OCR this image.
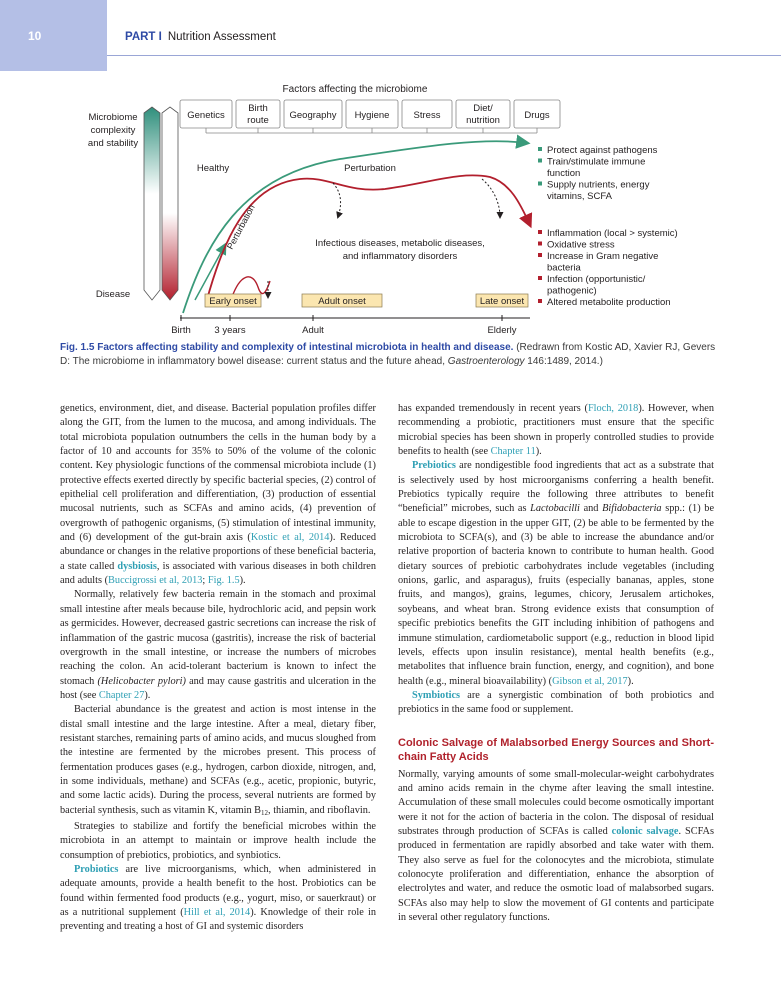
10	PART I Nutrition Assessment
Factors affecting the microbiome
Genetics
Birth
route Geography Hygiene	Stress
Diet/
nutrition	Drugs
Microbiome
complexity
and stability
Disease
Healthy	Perturbation
Perturbation	Infectious diseases, metabolic diseases,
and inflammatory disorders
Early onset	Adult onset	Late onset
Birth 3 years	Adult	Elderly
Protect against pathogens
Train/stimulate immune
function
Supply nutrients, energy
vitamins, SCFA
Inflammation (local > systemic)
Oxidative stress
Increase in Gram negative
bacteria
Infection (opportunistic/
pathogenic)
Altered metabolite production
Fig. 1.5 Factors affecting stability and complexity of intestinal microbiota in health and disease. (Redrawn from Kostic AD, Xavier RJ, Gevers D: The microbiome in inflammatory bowel disease: current status and the future ahead, Gastroenterology 146:1489, 2014.)

genetics, environment, diet, and disease. Bacterial population profiles differ along the GIT, from the lumen to the mucosa, and among individuals. The total microbiota population outnumbers the cells in the human body by a factor of 10 and accounts for 35% to 50% of the volume of the colonic content. Key physiologic functions of the commensal microbiota include (1) protective effects exerted directly by specific bacterial species, (2) control of epithelial cell proliferation and differentiation, (3) production of essential mucosal nutrients, such as SCFAs and amino acids, (4) prevention of overgrowth of pathogenic organisms, (5) stimulation of intestinal immunity, and (6) development of the gut-brain axis (Kostic et al, 2014). Reduced abundance or changes in the relative proportions of these beneficial bacteria, a state called dysbiosis, is associated with various diseases in both children and adults (Buccigrossi et al, 2013; Fig. 1.5).

Normally, relatively few bacteria remain in the stomach and proximal small intestine after meals because bile, hydrochloric acid, and pepsin work as germicides. However, decreased gastric secretions can increase the risk of inflammation of the gastric mucosa (gastritis), increase the risk of bacterial overgrowth in the small intestine, or increase the numbers of microbes reaching the colon. An acid-tolerant bacterium is known to infect the stomach (Helicobacter pylori) and may cause gastritis and ulceration in the host (see Chapter 27).

Bacterial abundance is the greatest and action is most intense in the distal small intestine and the large intestine. After a meal, dietary fiber, resistant starches, remaining parts of amino acids, and mucus sloughed from the intestine are fermented by the microbes present. This process of fermentation produces gases (e.g., hydrogen, carbon dioxide, nitrogen, and, in some individuals, methane) and SCFAs (e.g., acetic, propionic, butyric, and some lactic acids). During the process, several nutrients are formed by bacterial synthesis, such as vitamin K, vitamin $B_{12}$, thiamin, and riboflavin.

Strategies to stabilize and fortify the beneficial microbes within the microbiota in an attempt to maintain or improve health include the consumption of prebiotics, probiotics, and synbiotics.

Probiotics are live microorganisms, which, when administered in adequate amounts, provide a health benefit to the host. Probiotics can be found within fermented food products (e.g., yogurt, miso, or sauerkraut) or as a nutritional supplement (Hill et al, 2014). Knowledge of their role in preventing and treating a host of GI and systemic disorders

has expanded tremendously in recent years (Floch, 2018). However, when recommending a probiotic, practitioners must ensure that the specific microbial species has been shown in properly controlled studies to provide benefits to health (see Chapter 11).

Prebiotics are nondigestible food ingredients that act as a substrate that is selectively used by host microorganisms conferring a health benefit. Prebiotics typically require the following three attributes to benefit “beneficial” microbes, such as Lactobacilli and Bifidobacteria spp.: (1) be able to escape digestion in the upper GIT, (2) be able to be fermented by the microbiota to SCFA(s), and (3) be able to increase the abundance and/or relative proportion of bacteria known to contribute to human health. Good dietary sources of prebiotic carbohydrates include vegetables (including onions, garlic, and asparagus), fruits (especially bananas, apples, stone fruits, and mangos), grains, legumes, chicory, Jerusalem artichokes, soybeans, and wheat bran. Strong evidence exists that consumption of specific prebiotics benefits the GIT including inhibition of pathogens and immune stimulation, cardiometabolic support (e.g., reduction in blood lipid levels, effects upon insulin resistance), mental health benefits (e.g., metabolites that influence brain function, energy, and cognition), and bone health (e.g., mineral bioavailability) (Gibson et al, 2017).

Symbiotics are a synergistic combination of both probiotics and prebiotics in the same food or supplement.

Colonic Salvage of Malabsorbed Energy Sources and Short-chain Fatty Acids

Normally, varying amounts of some small-molecular-weight carbohydrates and amino acids remain in the chyme after leaving the small intestine. Accumulation of these small molecules could become osmotically important were it not for the action of bacteria in the colon. The disposal of residual substrates through production of SCFAs is called colonic salvage. SCFAs produced in fermentation are rapidly absorbed and take water with them. They also serve as fuel for the colonocytes and the microbiota, stimulate colonocyte proliferation and differentiation, enhance the absorption of electrolytes and water, and reduce the osmotic load of malabsorbed sugars. SCFAs also may help to slow the movement of GI contents and participate in several other regulatory functions.
